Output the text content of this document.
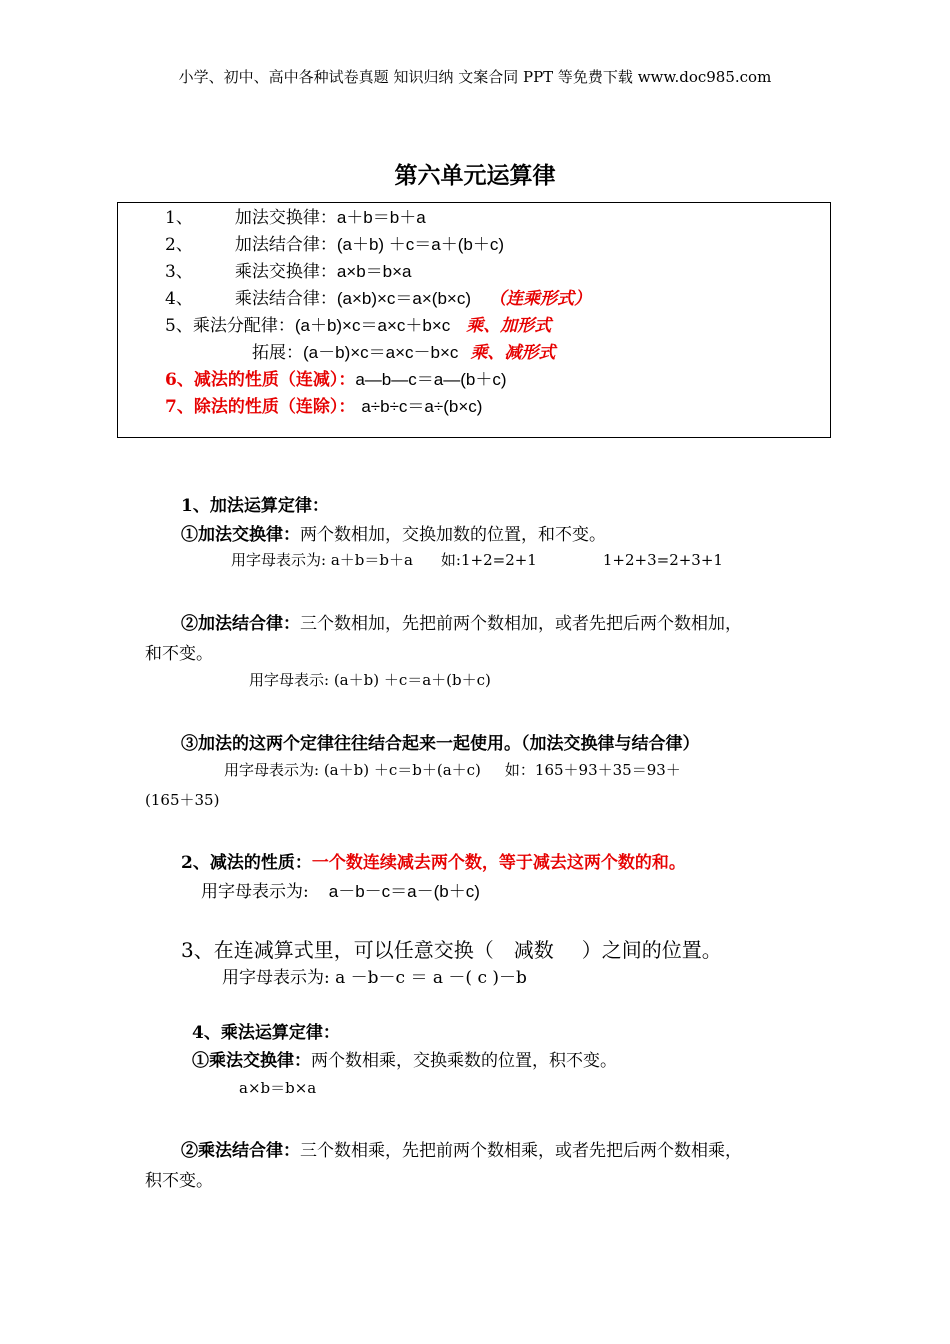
小学、初中、高中各种试卷真题 知识归纳 文案合同 PPT 等免费下载 www.doc985.com
第六单元运算律
1、 加法交换律：a＋b＝b＋a
2、 加法结合律：(a＋b) ＋c＝a＋(b＋c)
3、 乘法交换律：a×b＝b×a
4、 乘法结合律：(a×b)×c＝a×(b×c) （连乘形式）
5、乘法分配律：(a＋b)×c＝a×c＋b×c 乘、加形式
拓展：(a－b)×c＝a×c－b×c 乘、减形式
6、减法的性质（连减）：a—b—c＝a—(b＋c)
7、除法的性质（连除）： a÷b÷c＝a÷(b×c)
1、加法运算定律：
①加法交换律：两个数相加，交换加数的位置，和不变。
用字母表示为: a＋b＝b＋a 如:1+2=2+1	1+2+3=2+3+1
②加法结合律：三个数相加，先把前两个数相加，或者先把后两个数相加，
和不变。
用字母表示: (a＋b) ＋c＝a＋(b＋c)
③加法的这两个定律往往结合起来一起使用。（加法交换律与结合律）
用字母表示为: (a＋b) ＋c＝b＋(a＋c) 如：165＋93＋35＝93＋
(165＋35)
2、减法的性质：一个数连续减去两个数，等于减去这两个数的和。
用字母表示为: a－b－c＝a－(b＋c)
3、在连减算式里，可以任意交换（ 减数 ）之间的位置。
用字母表示为: a －b－c ＝ a －( c )－b
4、乘法运算定律：
①乘法交换律：两个数相乘，交换乘数的位置，积不变。
a×b＝b×a
②乘法结合律：三个数相乘，先把前两个数相乘，或者先把后两个数相乘，
积不变。
